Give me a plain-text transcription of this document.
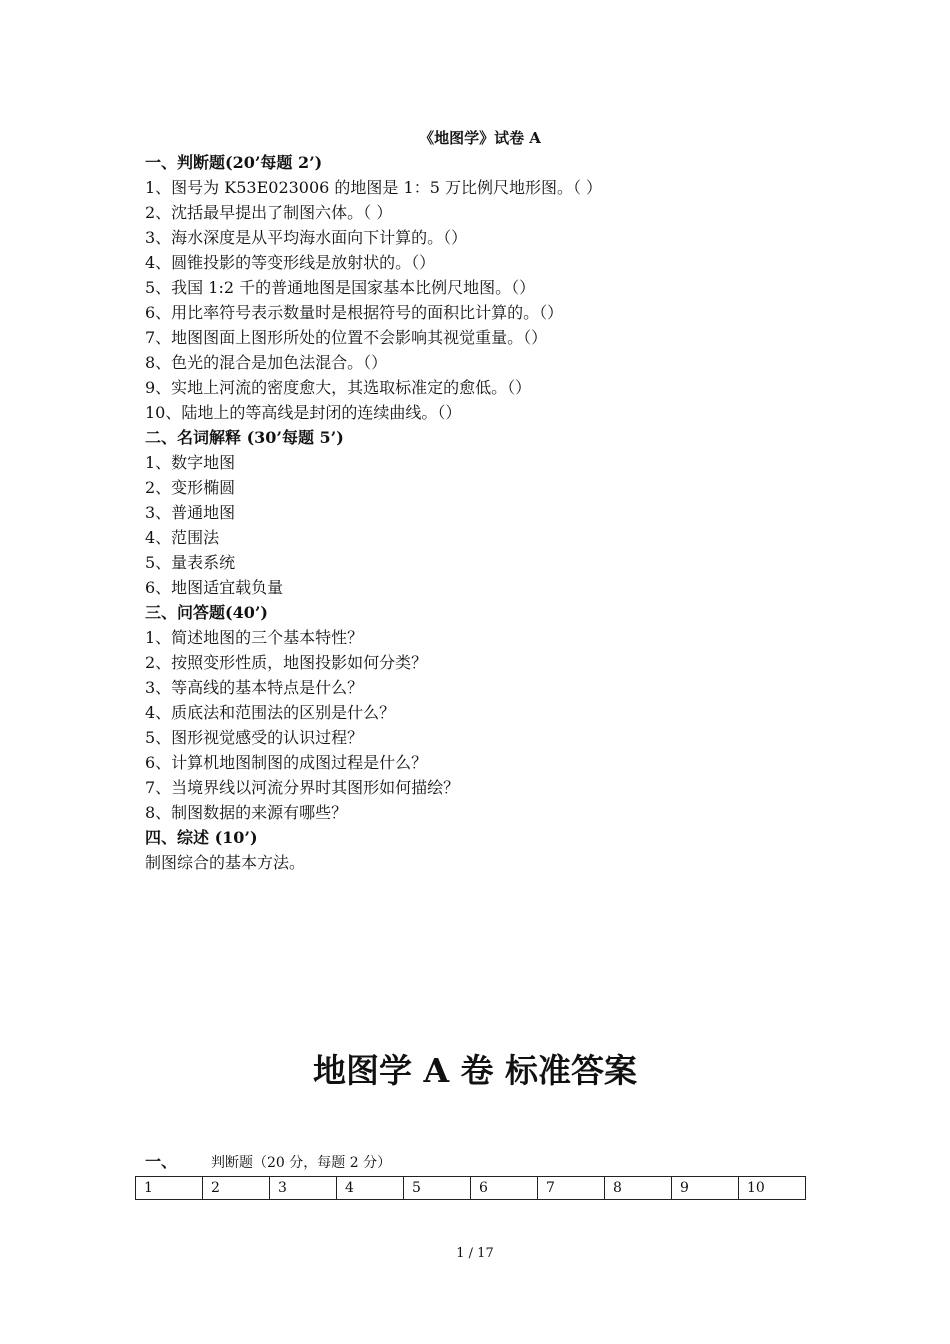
《地图学》试卷 A
一、判断题(20’每题 2’)
1、图号为 K53E023006 的地图是 1：5 万比例尺地形图。（ ）
2、沈括最早提出了制图六体。（ ）
3、海水深度是从平均海水面向下计算的。（）
4、圆锥投影的等变形线是放射状的。（）
5、我国 1:2 千的普通地图是国家基本比例尺地图。（）
6、用比率符号表示数量时是根据符号的面积比计算的。（）
7、地图图面上图形所处的位置不会影响其视觉重量。（）
8、色光的混合是加色法混合。（）
9、实地上河流的密度愈大，其选取标准定的愈低。（）
10、陆地上的等高线是封闭的连续曲线。（）
二、名词解释 (30’每题 5’)
1、数字地图
2、变形椭圆
3、普通地图
4、范围法
5、量表系统
6、地图适宜载负量
三、问答题(40’)
1、简述地图的三个基本特性？
2、按照变形性质，地图投影如何分类？
3、等高线的基本特点是什么？
4、质底法和范围法的区别是什么？
5、图形视觉感受的认识过程？
6、计算机地图制图的成图过程是什么？
7、当境界线以河流分界时其图形如何描绘？
8、制图数据的来源有哪些？
四、综述 (10’)
制图综合的基本方法。
地图学 A 卷 标准答案
一、 判断题（20 分，每题 2 分）
1	2	3	4	5	6	7	8	9	10
1 / 17
